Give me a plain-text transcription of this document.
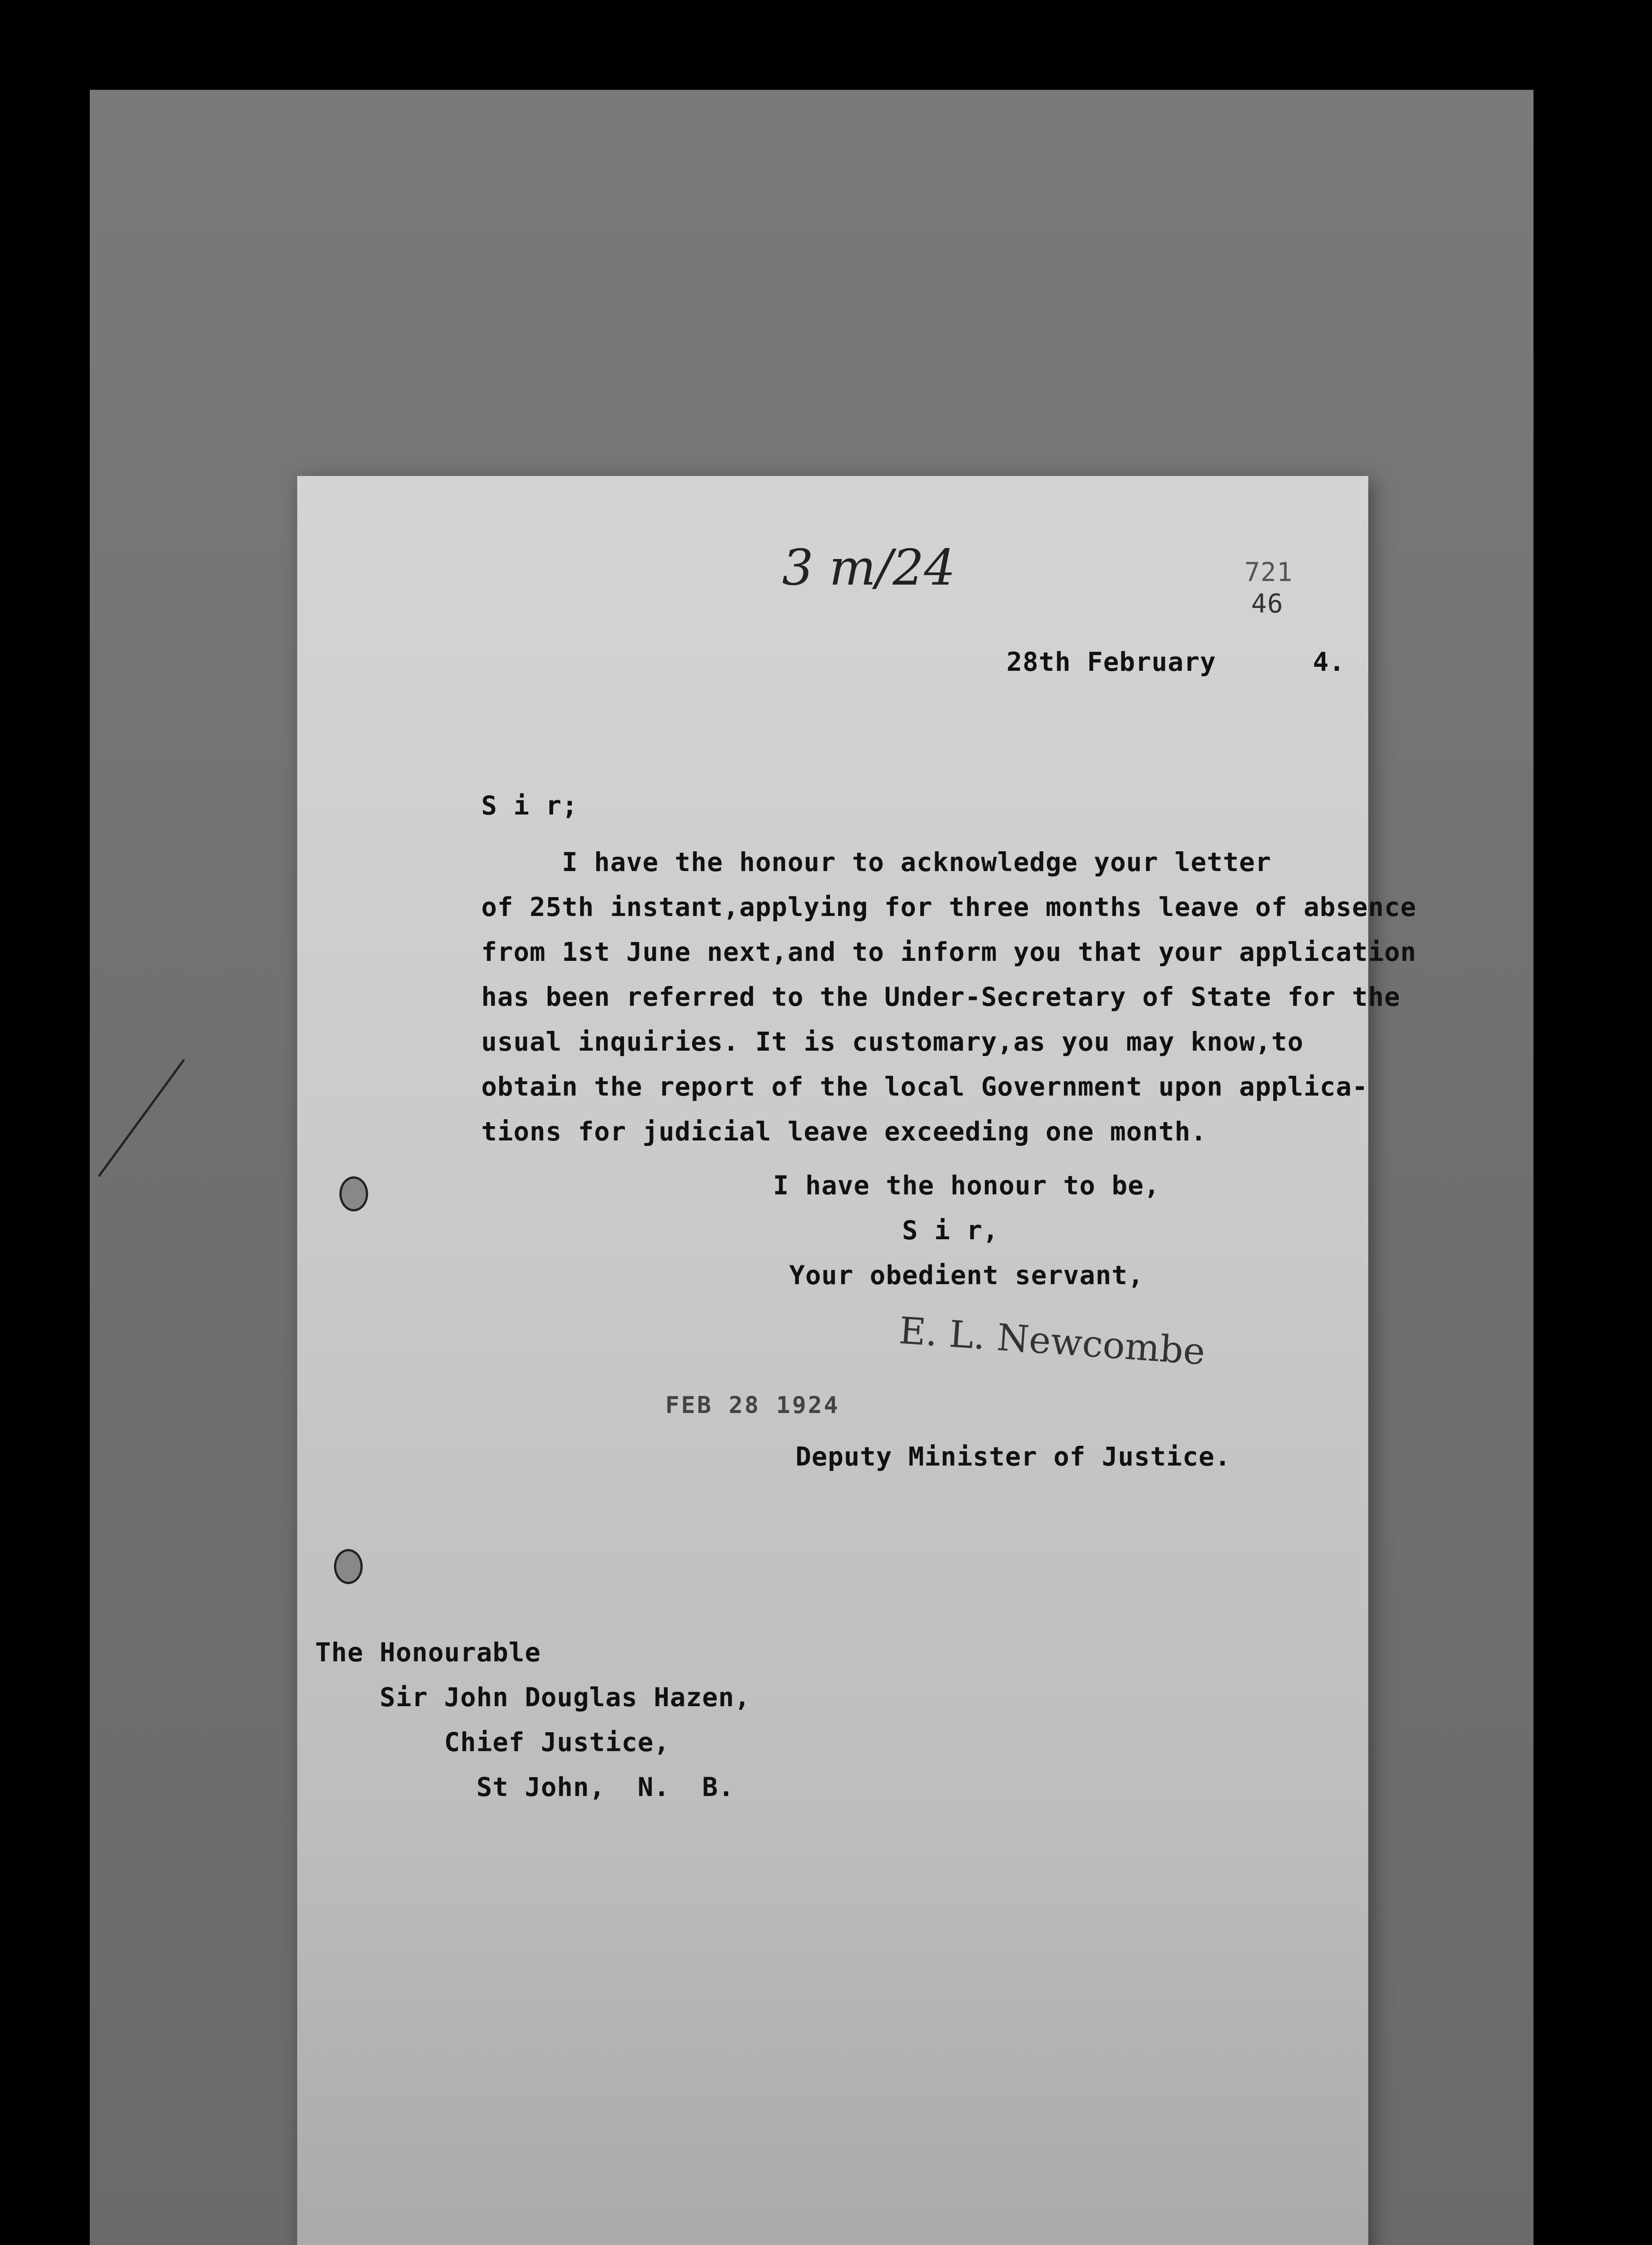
3 m/24	721
46
28th February      4.
S i r;
I have the honour to acknowledge your letter
of 25th instant,applying for three months leave of absence
from 1st June next,and to inform you that your application
has been referred to the Under-Secretary of State for the
usual inquiries. It is customary,as you may know,to
obtain the report of the local Government upon applica-
tions for judicial leave exceeding one month.
I have the honour to be,
S i r,
Your obedient servant,
E. L. Newcombe
FEB 28 1924
Deputy Minister of Justice.
The Honourable
Sir John Douglas Hazen,
Chief Justice,
St John,  N.  B.
